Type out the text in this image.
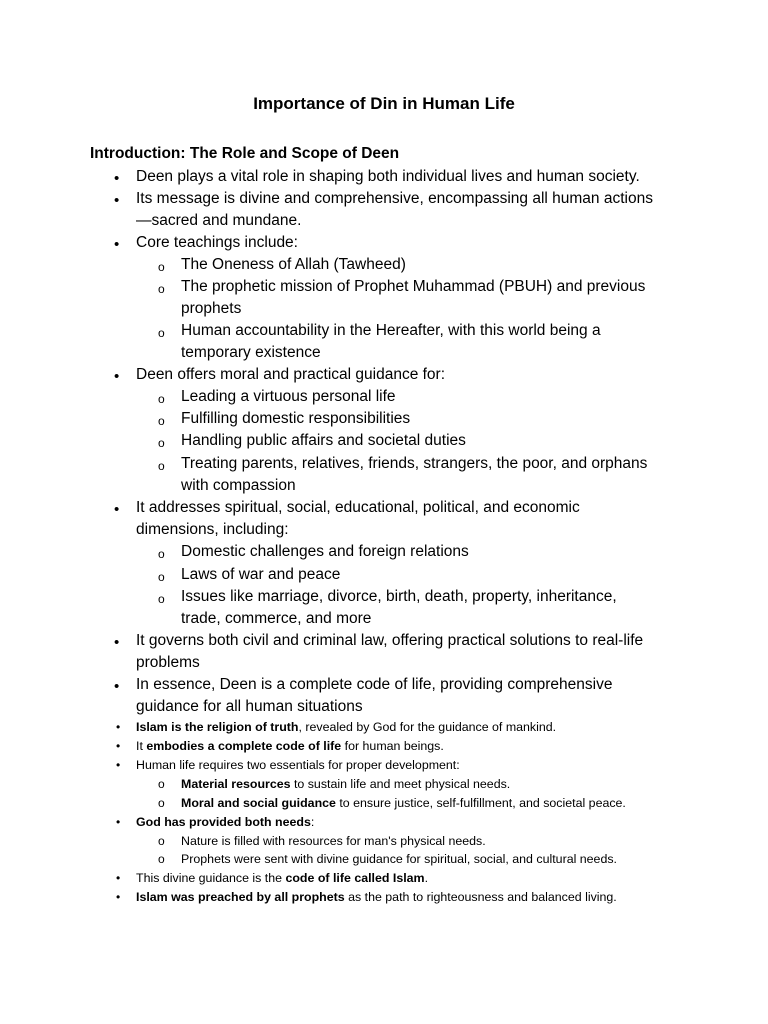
Importance of Din in Human Life
Introduction: The Role and Scope of Deen
• Deen plays a vital role in shaping both individual lives and human society.
• Its message is divine and comprehensive, encompassing all human actions
—sacred and mundane.
• Core teachings include:
o The Oneness of Allah (Tawheed)
o The prophetic mission of Prophet Muhammad (PBUH) and previous
prophets
o Human accountability in the Hereafter, with this world being a
temporary existence
• Deen offers moral and practical guidance for:
o Leading a virtuous personal life
o Fulfilling domestic responsibilities
o Handling public affairs and societal duties
o Treating parents, relatives, friends, strangers, the poor, and orphans
with compassion
• It addresses spiritual, social, educational, political, and economic
dimensions, including:
o Domestic challenges and foreign relations
o Laws of war and peace
o Issues like marriage, divorce, birth, death, property, inheritance,
trade, commerce, and more
• It governs both civil and criminal law, offering practical solutions to real-life
problems
• In essence, Deen is a complete code of life, providing comprehensive
guidance for all human situations
• Islam is the religion of truth, revealed by God for the guidance of mankind.
• It embodies a complete code of life for human beings.
• Human life requires two essentials for proper development:
o Material resources to sustain life and meet physical needs.
o Moral and social guidance to ensure justice, self-fulfillment, and societal peace.
• God has provided both needs:
o Nature is filled with resources for man's physical needs.
o Prophets were sent with divine guidance for spiritual, social, and cultural needs.
• This divine guidance is the code of life called Islam.
• Islam was preached by all prophets as the path to righteousness and balanced living.
